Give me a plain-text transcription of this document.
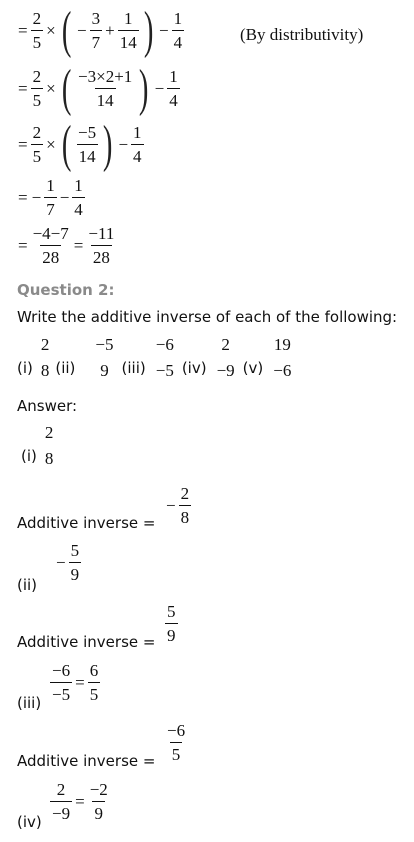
= $\frac{2}{5}$ × ( − $\frac{3}{7} + \frac{1}{14}$ ) − $\frac{1}{4}$	(By distributivity)
= $\frac{2}{5}$ × ( $\frac{-3\times 2+1}{14}$ ) − $\frac{1}{4}$
= $\frac{2}{5}$ × ( $\frac{-5}{14}$ ) − $\frac{1}{4}$
= − $\frac{1}{7} - \frac{1}{4}$
= $\frac{-4-7}{28} = \frac{-11}{28}$
Question 2:
Write the additive inverse of each of the following:
(i)
2
8 (ii)
−5
9 (iii)
−6
−5 (iv)
2
−9 (v)
19
−6
Answer:
(i)
2
8
Additive inverse =
− $\frac{2}{8}$
− $\frac{5}{9}$
(ii)
Additive inverse = $\frac{5}{9}$
$\frac{-6}{-5} = \frac{6}{5}$
(iii)
Additive inverse = $\frac{-6}{5}$
$\frac{2}{-9} = \frac{-2}{9}$
(iv)
